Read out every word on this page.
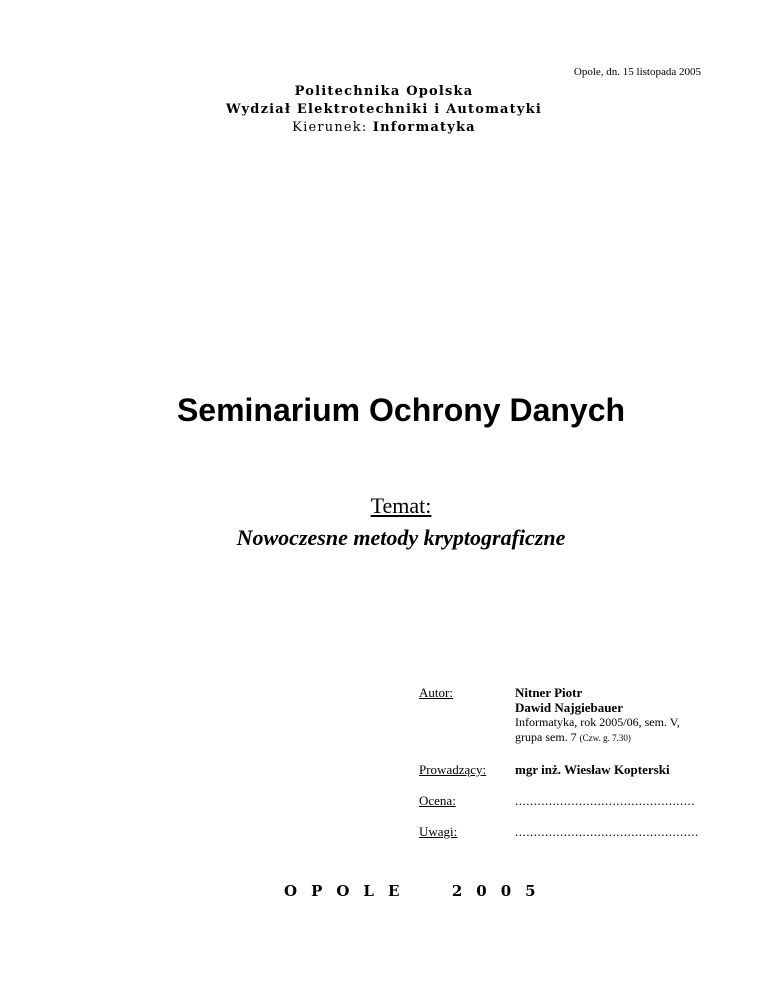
Opole, dn. 15 listopada 2005
Politechnika Opolska
Wydział Elektrotechniki i Automatyki
Kierunek: Informatyka
Seminarium Ochrony Danych
Temat:
Nowoczesne metody kryptograficzne
Autor:	Nitner Piotr
Dawid Najgiebauer
Informatyka, rok 2005/06, sem. V,
grupa sem. 7 (Czw. g. 7.30)
Prowadzący:	mgr inż. Wiesław Kopterski
Ocena:	................................................
Uwagi:	.................................................
OPOLE	2005
